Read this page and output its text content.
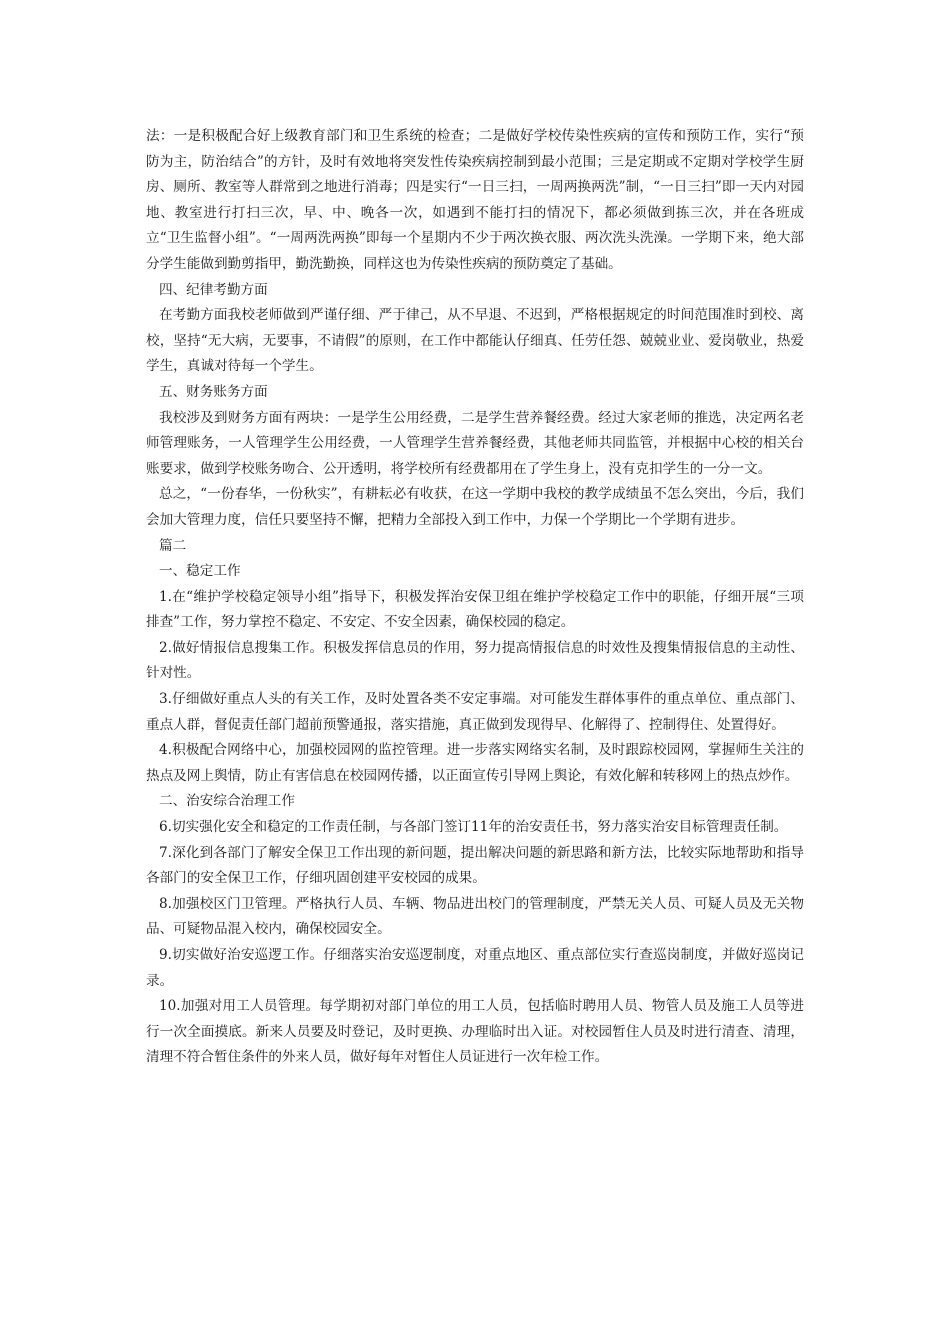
法：一是积极配合好上级教育部门和卫生系统的检查；二是做好学校传染性疾病的宣传和预防工作，实行“预防为主，防治结合”的方针，及时有效地将突发性传染疾病控制到最小范围；三是定期或不定期对学校学生厨房、厕所、教室等人群常到之地进行消毒；四是实行“一日三扫，一周两换两洗”制，“一日三扫”即一天内对园地、教室进行打扫三次，早、中、晚各一次，如遇到不能打扫的情况下，都必须做到拣三次，并在各班成立“卫生监督小组”。“一周两洗两换”即每一个星期内不少于两次换衣服、两次洗头洗澡。一学期下来，绝大部分学生能做到勤剪指甲，勤洗勤换，同样这也为传染性疾病的预防奠定了基础。

四、纪律考勤方面

在考勤方面我校老师做到严谨仔细、严于律己，从不早退、不迟到，严格根据规定的时间范围准时到校、离校，坚持“无大病，无要事，不请假”的原则，在工作中都能认仔细真、任劳任怨、兢兢业业、爱岗敬业，热爱学生，真诚对待每一个学生。

五、财务账务方面

我校涉及到财务方面有两块：一是学生公用经费，二是学生营养餐经费。经过大家老师的推选，决定两名老师管理账务，一人管理学生公用经费，一人管理学生营养餐经费，其他老师共同监管，并根据中心校的相关台账要求，做到学校账务吻合、公开透明，将学校所有经费都用在了学生身上，没有克扣学生的一分一文。

总之，“一份春华，一份秋实”，有耕耘必有收获，在这一学期中我校的教学成绩虽不怎么突出，今后，我们会加大管理力度，信任只要坚持不懈，把精力全部投入到工作中，力保一个学期比一个学期有进步。

篇二

一、稳定工作

1.在“维护学校稳定领导小组”指导下，积极发挥治安保卫组在维护学校稳定工作中的职能，仔细开展“三项排查”工作，努力掌控不稳定、不安定、不安全因素，确保校园的稳定。

2.做好情报信息搜集工作。积极发挥信息员的作用，努力提高情报信息的时效性及搜集情报信息的主动性、针对性。

3.仔细做好重点人头的有关工作，及时处置各类不安定事端。对可能发生群体事件的重点单位、重点部门、重点人群，督促责任部门超前预警通报，落实措施，真正做到发现得早、化解得了、控制得住、处置得好。

4.积极配合网络中心，加强校园网的监控管理。进一步落实网络实名制，及时跟踪校园网，掌握师生关注的热点及网上舆情，防止有害信息在校园网传播，以正面宣传引导网上舆论，有效化解和转移网上的热点炒作。

二、治安综合治理工作

6.切实强化安全和稳定的工作责任制，与各部门签订11年的治安责任书，努力落实治安目标管理责任制。

7.深化到各部门了解安全保卫工作出现的新问题，提出解决问题的新思路和新方法，比较实际地帮助和指导各部门的安全保卫工作，仔细巩固创建平安校园的成果。

8.加强校区门卫管理。严格执行人员、车辆、物品进出校门的管理制度，严禁无关人员、可疑人员及无关物品、可疑物品混入校内，确保校园安全。

9.切实做好治安巡逻工作。仔细落实治安巡逻制度，对重点地区、重点部位实行查巡岗制度，并做好巡岗记录。

10.加强对用工人员管理。每学期初对部门单位的用工人员，包括临时聘用人员、物管人员及施工人员等进行一次全面摸底。新来人员要及时登记，及时更换、办理临时出入证。对校园暂住人员及时进行清查、清理，清理不符合暂住条件的外来人员，做好每年对暂住人员证进行一次年检工作。
